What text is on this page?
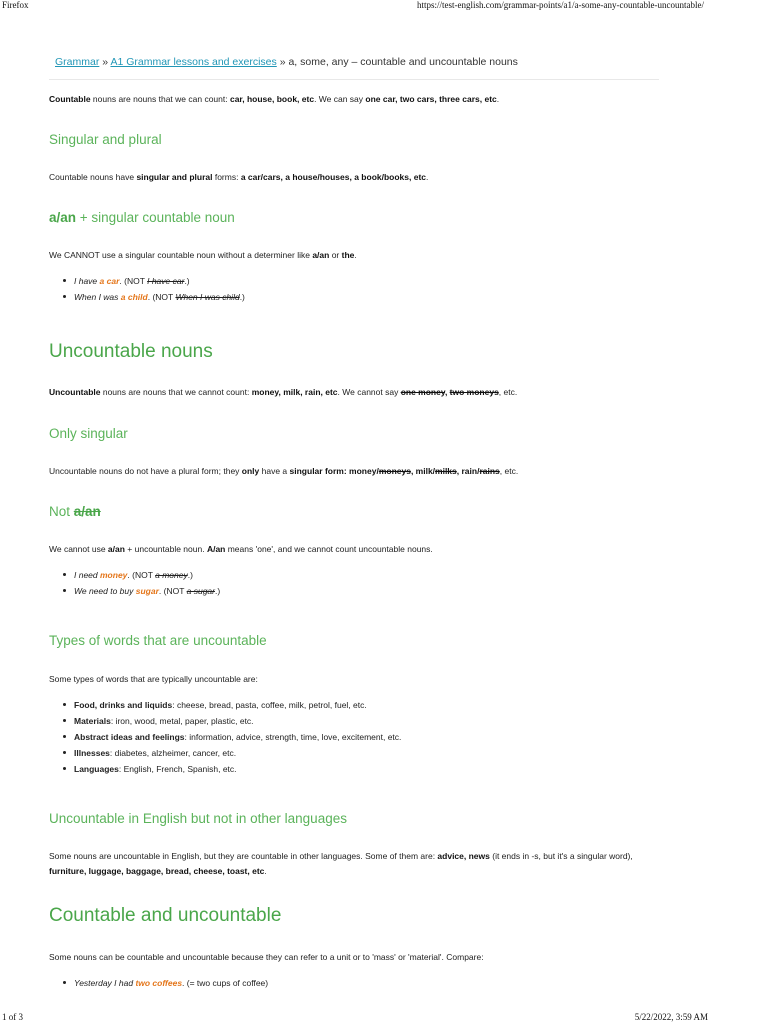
Firefox	https://test-english.com/grammar-points/a1/a-some-any-countable-uncountable/
Grammar » A1 Grammar lessons and exercises » a, some, any – countable and uncountable nouns
Countable nouns are nouns that we can count: car, house, book, etc. We can say one car, two cars, three cars, etc.
Singular and plural
Countable nouns have singular and plural forms: a car/cars, a house/houses, a book/books, etc.
a/an + singular countable noun
We CANNOT use a singular countable noun without a determiner like a/an or the.
I have a car. (NOT I have car.)
When I was a child. (NOT When I was child.)
Uncountable nouns
Uncountable nouns are nouns that we cannot count: money, milk, rain, etc. We cannot say one money, two moneys, etc.
Only singular
Uncountable nouns do not have a plural form; they only have a singular form: money/moneys, milk/milks, rain/rains, etc.
Not a/an
We cannot use a/an + uncountable noun. A/an means 'one', and we cannot count uncountable nouns.
I need money. (NOT a money.)
We need to buy sugar. (NOT a sugar.)
Types of words that are uncountable
Some types of words that are typically uncountable are:
Food, drinks and liquids: cheese, bread, pasta, coffee, milk, petrol, fuel, etc.
Materials: iron, wood, metal, paper, plastic, etc.
Abstract ideas and feelings: information, advice, strength, time, love, excitement, etc.
Illnesses: diabetes, alzheimer, cancer, etc.
Languages: English, French, Spanish, etc.
Uncountable in English but not in other languages
Some nouns are uncountable in English, but they are countable in other languages. Some of them are: advice, news (it ends in -s, but it's a singular word), furniture, luggage, baggage, bread, cheese, toast, etc.
Countable and uncountable
Some nouns can be countable and uncountable because they can refer to a unit or to 'mass' or 'material'. Compare:
Yesterday I had two coffees. (= two cups of coffee)
1 of 3	5/22/2022, 3:59 AM
